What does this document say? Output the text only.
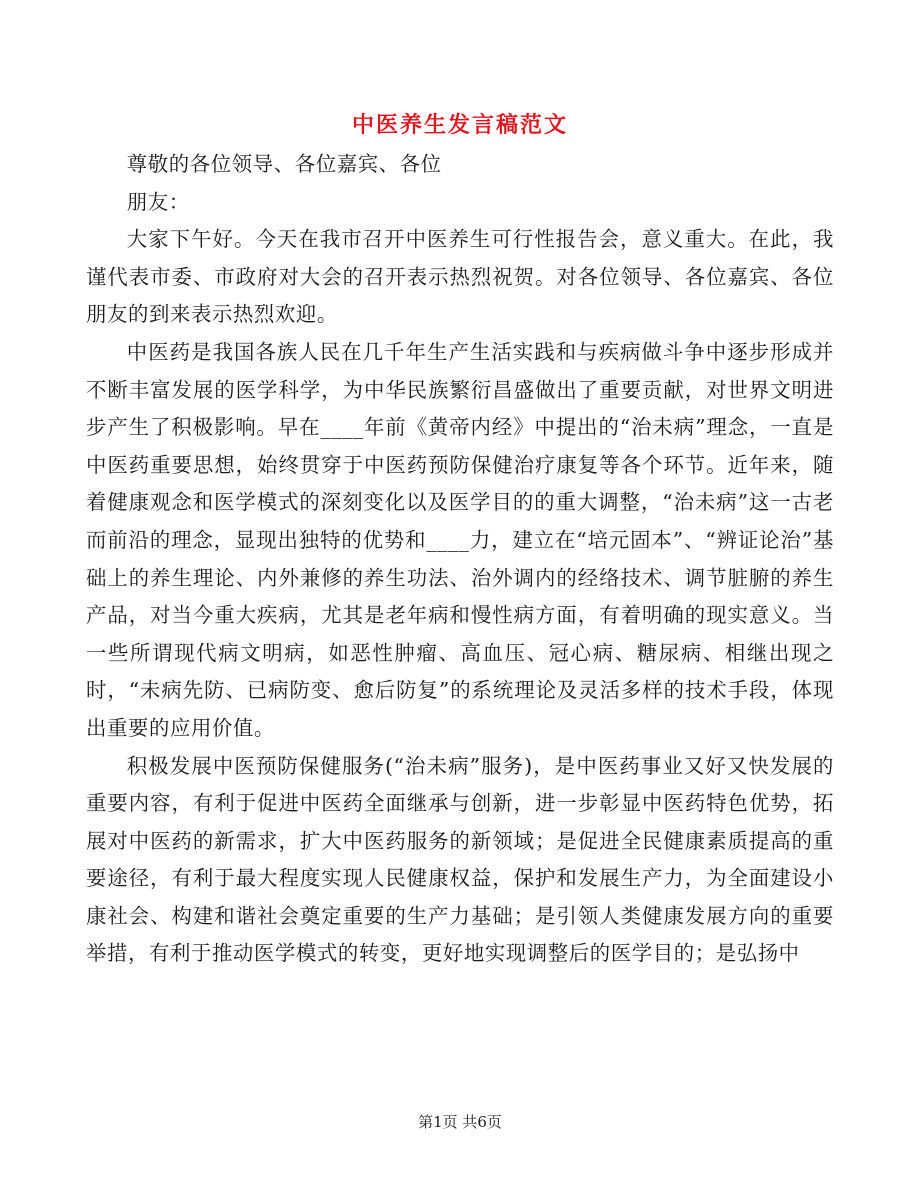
中医养生发言稿范文

尊敬的各位领导、各位嘉宾、各位

朋友：

大家下午好。今天在我市召开中医养生可行性报告会，意义重大。在此，我谨代表市委、市政府对大会的召开表示热烈祝贺。对各位领导、各位嘉宾、各位朋友的到来表示热烈欢迎。

中医药是我国各族人民在几千年生产生活实践和与疾病做斗争中逐步形成并不断丰富发展的医学科学，为中华民族繁衍昌盛做出了重要贡献，对世界文明进步产生了积极影响。早在____年前《黄帝内经》中提出的“治未病”理念，一直是中医药重要思想，始终贯穿于中医药预防保健治疗康复等各个环节。近年来，随着健康观念和医学模式的深刻变化以及医学目的的重大调整，“治未病”这一古老而前沿的理念，显现出独特的优势和____力，建立在“培元固本”、“辨证论治”基础上的养生理论、内外兼修的养生功法、治外调内的经络技术、调节脏腑的养生产品，对当今重大疾病，尤其是老年病和慢性病方面，有着明确的现实意义。当一些所谓现代病文明病，如恶性肿瘤、高血压、冠心病、糖尿病、相继出现之时，“未病先防、已病防变、愈后防复”的系统理论及灵活多样的技术手段，体现出重要的应用价值。

积极发展中医预防保健服务(“治未病”服务)，是中医药事业又好又快发展的重要内容，有利于促进中医药全面继承与创新，进一步彰显中医药特色优势，拓展对中医药的新需求，扩大中医药服务的新领域；是促进全民健康素质提高的重要途径，有利于最大程度实现人民健康权益，保护和发展生产力，为全面建设小康社会、构建和谐社会奠定重要的生产力基础；是引领人类健康发展方向的重要举措，有利于推动医学模式的转变，更好地实现调整后的医学目的；是弘扬中

第1页 共6页
